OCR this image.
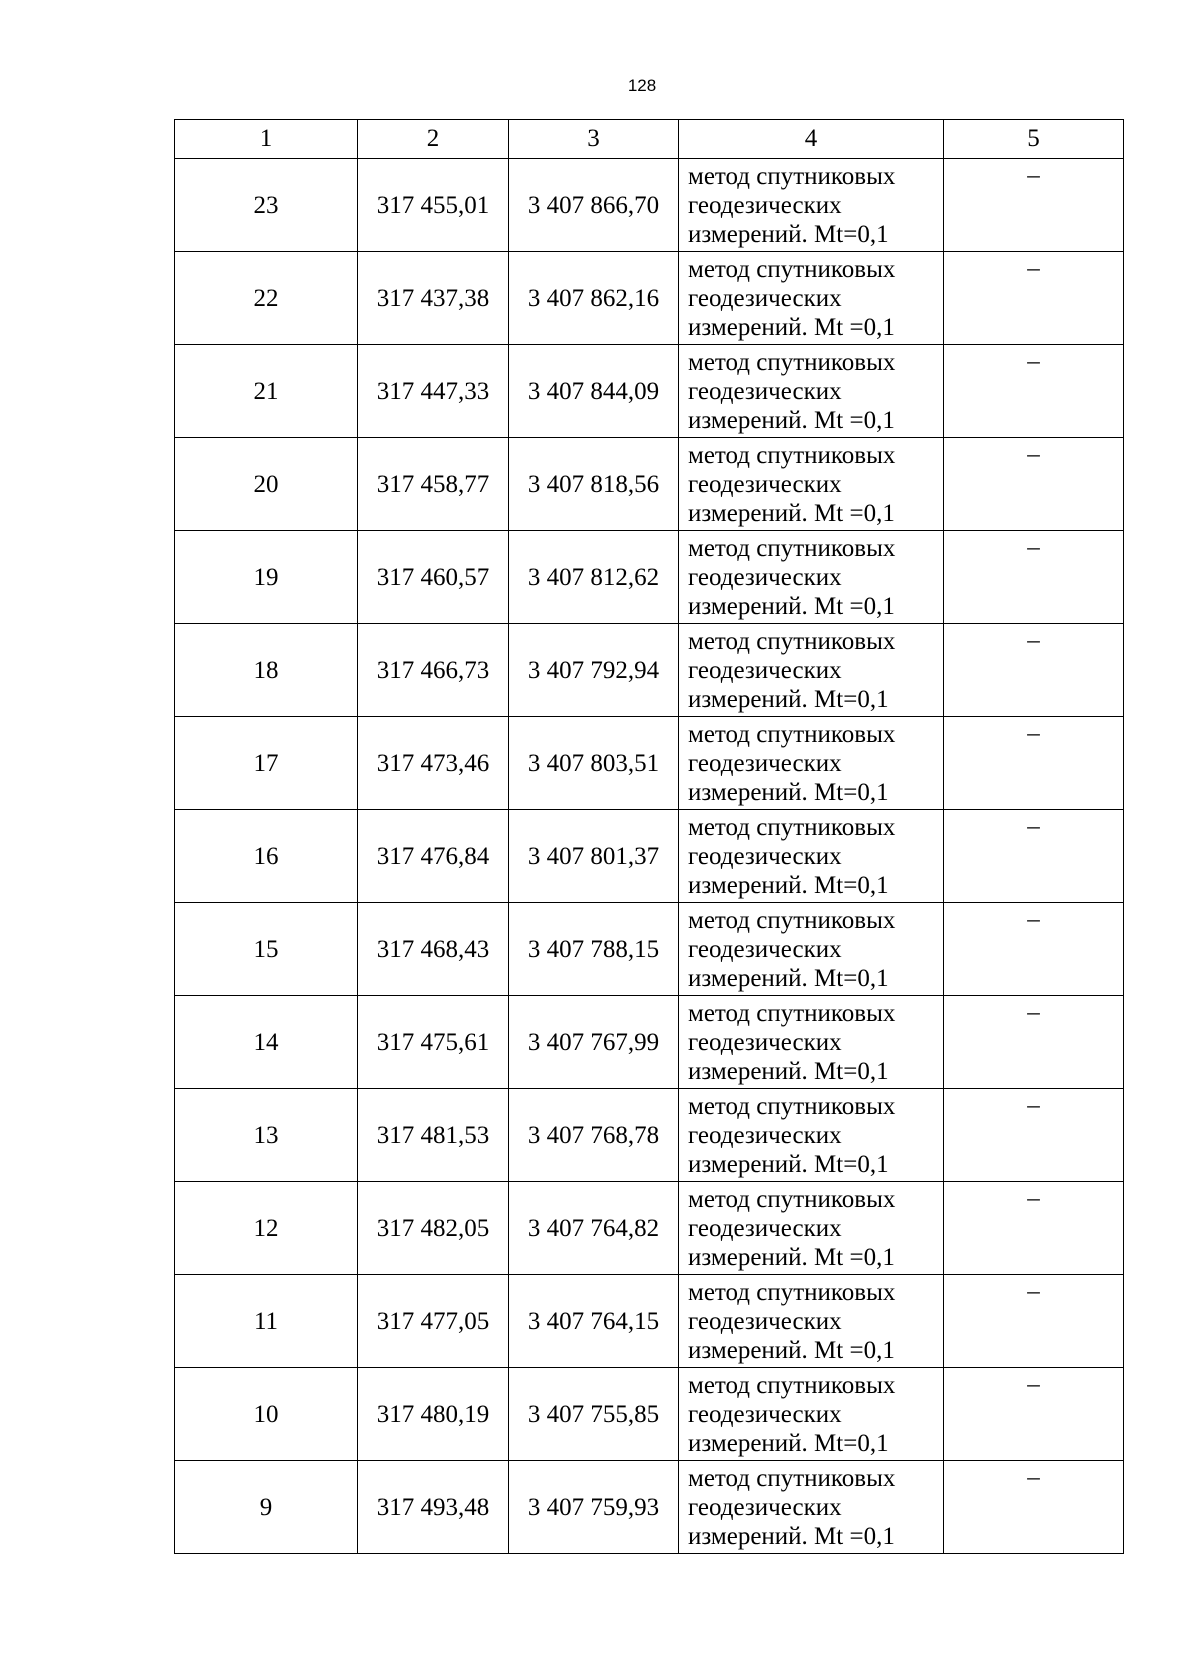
128
1	2	3	4	5
23	317 455,01	3 407 866,70	метод спутниковых
геодезических
измерений. Mt=0,1	–
22	317 437,38	3 407 862,16	метод спутниковых
геодезических
измерений. Mt =0,1	–
21	317 447,33	3 407 844,09	метод спутниковых
геодезических
измерений. Mt =0,1	–
20	317 458,77	3 407 818,56	метод спутниковых
геодезических
измерений. Mt =0,1	–
19	317 460,57	3 407 812,62	метод спутниковых
геодезических
измерений. Mt =0,1	–
18	317 466,73	3 407 792,94	метод спутниковых
геодезических
измерений. Mt=0,1	–
17	317 473,46	3 407 803,51	метод спутниковых
геодезических
измерений. Mt=0,1	–
16	317 476,84	3 407 801,37	метод спутниковых
геодезических
измерений. Mt=0,1	–
15	317 468,43	3 407 788,15	метод спутниковых
геодезических
измерений. Mt=0,1	–
14	317 475,61	3 407 767,99	метод спутниковых
геодезических
измерений. Mt=0,1	–
13	317 481,53	3 407 768,78	метод спутниковых
геодезических
измерений. Mt=0,1	–
12	317 482,05	3 407 764,82	метод спутниковых
геодезических
измерений. Mt =0,1	–
11	317 477,05	3 407 764,15	метод спутниковых
геодезических
измерений. Mt =0,1	–
10	317 480,19	3 407 755,85	метод спутниковых
геодезических
измерений. Mt=0,1	–
9	317 493,48	3 407 759,93	метод спутниковых
геодезических
измерений. Mt =0,1	–
